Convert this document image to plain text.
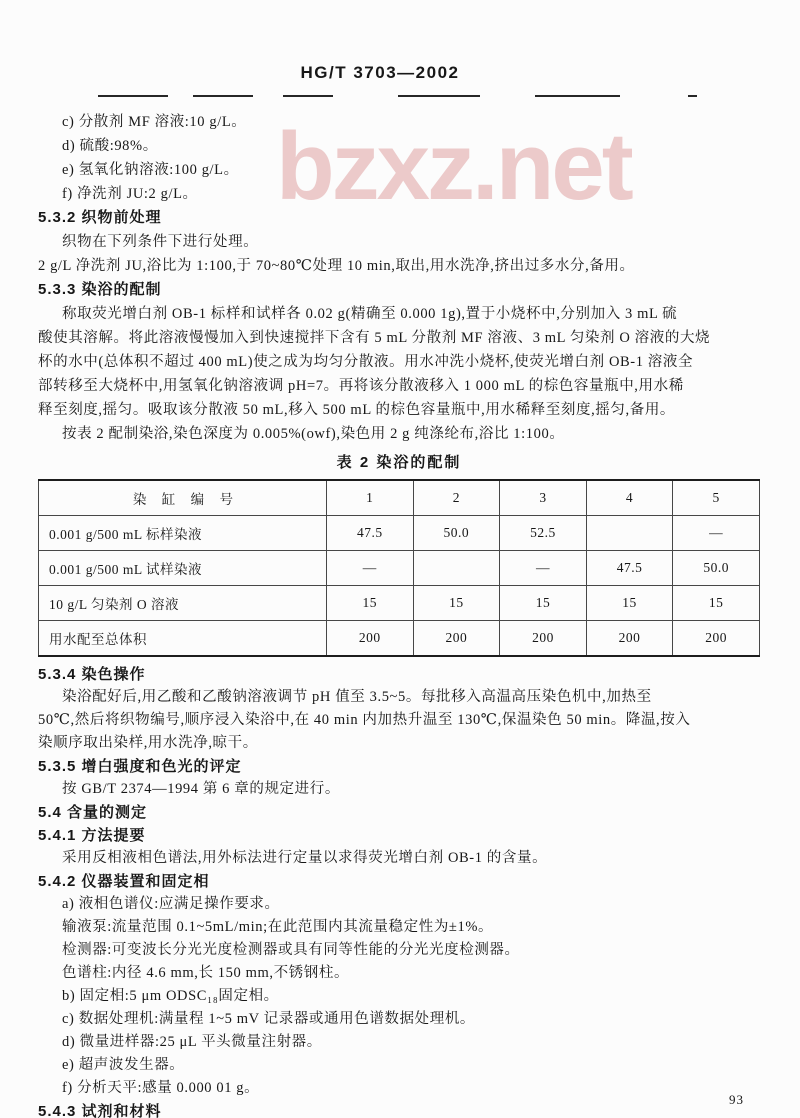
bzxz.net
HG/T 3703—2002
c) 分散剂 MF 溶液:10 g/L。
d) 硫酸:98%。
e) 氢氧化钠溶液:100 g/L。
f) 净洗剂 JU:2 g/L。
5.3.2 织物前处理
织物在下列条件下进行处理。
2 g/L 净洗剂 JU,浴比为 1:100,于 70~80℃处理 10 min,取出,用水洗净,挤出过多水分,备用。
5.3.3 染浴的配制
称取荧光增白剂 OB-1 标样和试样各 0.02 g(精确至 0.000 1g),置于小烧杯中,分别加入 3 mL 硫
酸使其溶解。将此溶液慢慢加入到快速搅拌下含有 5 mL 分散剂 MF 溶液、3 mL 匀染剂 O 溶液的大烧
杯的水中(总体积不超过 400 mL)使之成为均匀分散液。用水冲洗小烧杯,使荧光增白剂 OB-1 溶液全
部转移至大烧杯中,用氢氧化钠溶液调 pH=7。再将该分散液移入 1 000 mL 的棕色容量瓶中,用水稀
释至刻度,摇匀。吸取该分散液 50 mL,移入 500 mL 的棕色容量瓶中,用水稀释至刻度,摇匀,备用。
按表 2 配制染浴,染色深度为 0.005%(owf),染色用 2 g 纯涤纶布,浴比 1:100。
表 2 染浴的配制
染 缸 编 号	1	2	3	4	5
0.001 g/500 mL 标样染液	47.5	50.0	52.5		—
0.001 g/500 mL 试样染液	—		—	47.5	50.0
10 g/L 匀染剂 O 溶液	15	15	15	15	15
用水配至总体积	200	200	200	200	200
5.3.4 染色操作
染浴配好后,用乙酸和乙酸钠溶液调节 pH 值至 3.5~5。每批移入高温高压染色机中,加热至
50℃,然后将织物编号,顺序浸入染浴中,在 40 min 内加热升温至 130℃,保温染色 50 min。降温,按入
染顺序取出染样,用水洗净,晾干。
5.3.5 增白强度和色光的评定
按 GB/T 2374—1994 第 6 章的规定进行。
5.4 含量的测定
5.4.1 方法提要
采用反相液相色谱法,用外标法进行定量以求得荧光增白剂 OB-1 的含量。
5.4.2 仪器装置和固定相
a) 液相色谱仪:应满足操作要求。
输液泵:流量范围 0.1~5mL/min;在此范围内其流量稳定性为±1%。
检测器:可变波长分光光度检测器或具有同等性能的分光光度检测器。
色谱柱:内径 4.6 mm,长 150 mm,不锈钢柱。
b) 固定相:5 μm ODSC₁₈固定相。
c) 数据处理机:满量程 1~5 mV 记录器或通用色谱数据处理机。
d) 微量进样器:25 μL 平头微量注射器。
e) 超声波发生器。
f) 分析天平:感量 0.000 01 g。
5.4.3 试剂和材料
93
